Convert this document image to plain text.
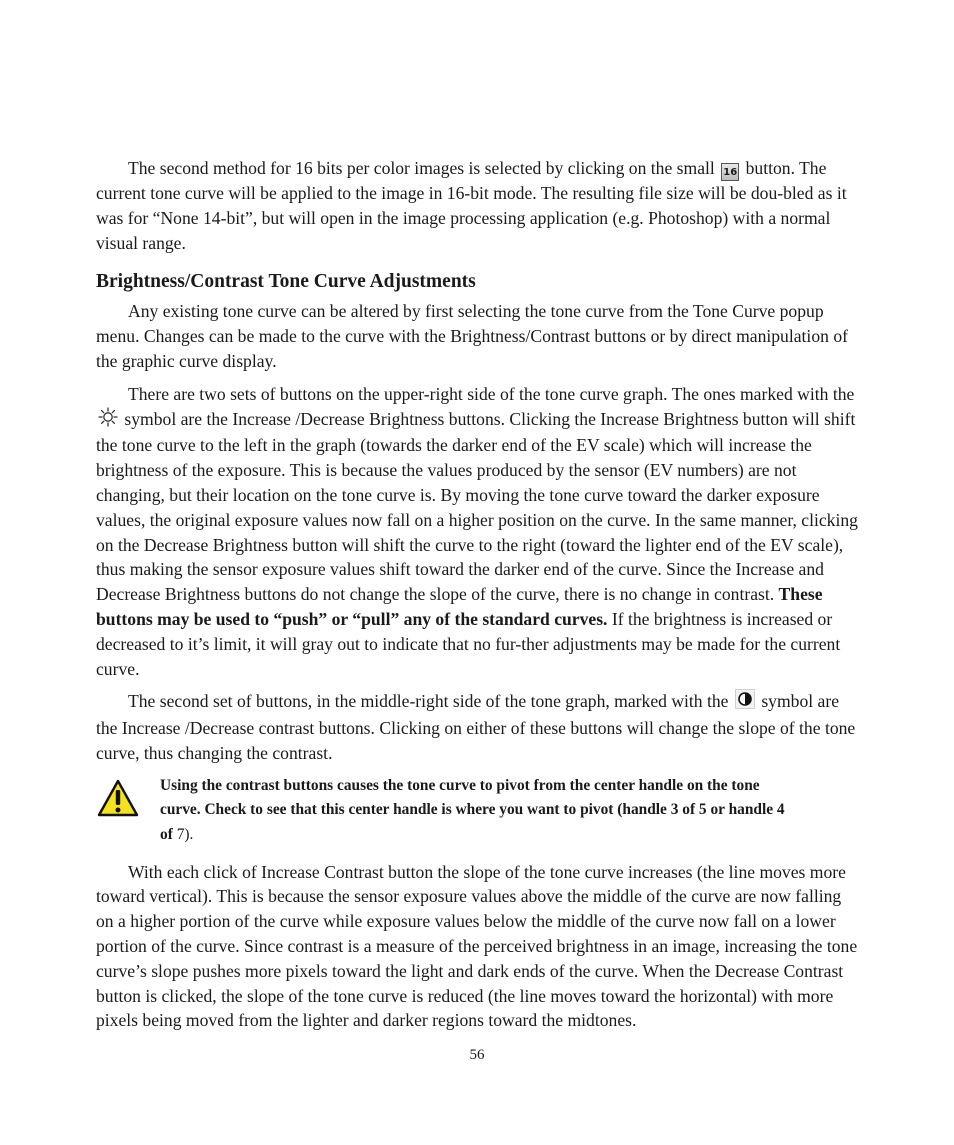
The second method for 16 bits per color images is selected by clicking on the small 16 button. The current tone curve will be applied to the image in 16-bit mode. The resulting file size will be dou-bled as it was for “None 14-bit”, but will open in the image processing application (e.g. Photoshop) with a normal visual range.

Brightness/Contrast Tone Curve Adjustments

Any existing tone curve can be altered by first selecting the tone curve from the Tone Curve popup menu. Changes can be made to the curve with the Brightness/Contrast buttons or by direct manipulation of the graphic curve display.

There are two sets of buttons on the upper-right side of the tone curve graph. The ones marked with the  symbol are the Increase /Decrease Brightness buttons. Clicking the Increase Brightness button will shift the tone curve to the left in the graph (towards the darker end of the EV scale) which will increase the brightness of the exposure. This is because the values produced by the sensor (EV numbers) are not changing, but their location on the tone curve is. By moving the tone curve toward the darker exposure values, the original exposure values now fall on a higher position on the curve. In the same manner, clicking on the Decrease Brightness button will shift the curve to the right (toward the lighter end of the EV scale), thus making the sensor exposure values shift toward the darker end of the curve. Since the Increase and Decrease Brightness buttons do not change the slope of the curve, there is no change in contrast. These buttons may be used to “push” or “pull” any of the standard curves. If the brightness is increased or decreased to it’s limit, it will gray out to indicate that no fur-ther adjustments may be made for the current curve.

The second set of buttons, in the middle-right side of the tone graph, marked with the symbol are the Increase /Decrease contrast buttons. Clicking on either of these buttons will change the slope of the tone curve, thus changing the contrast.

Using the contrast buttons causes the tone curve to pivot from the center handle on the tone curve. Check to see that this center handle is where you want to pivot (handle 3 of 5 or handle 4 of 7).

With each click of Increase Contrast button the slope of the tone curve increases (the line moves more toward vertical). This is because the sensor exposure values above the middle of the curve are now falling on a higher portion of the curve while exposure values below the middle of the curve now fall on a lower portion of the curve. Since contrast is a measure of the perceived brightness in an image, increasing the tone curve’s slope pushes more pixels toward the light and dark ends of the curve. When the Decrease Contrast button is clicked, the slope of the tone curve is reduced (the line moves toward the horizontal) with more pixels being moved from the lighter and darker regions toward the midtones.

56
